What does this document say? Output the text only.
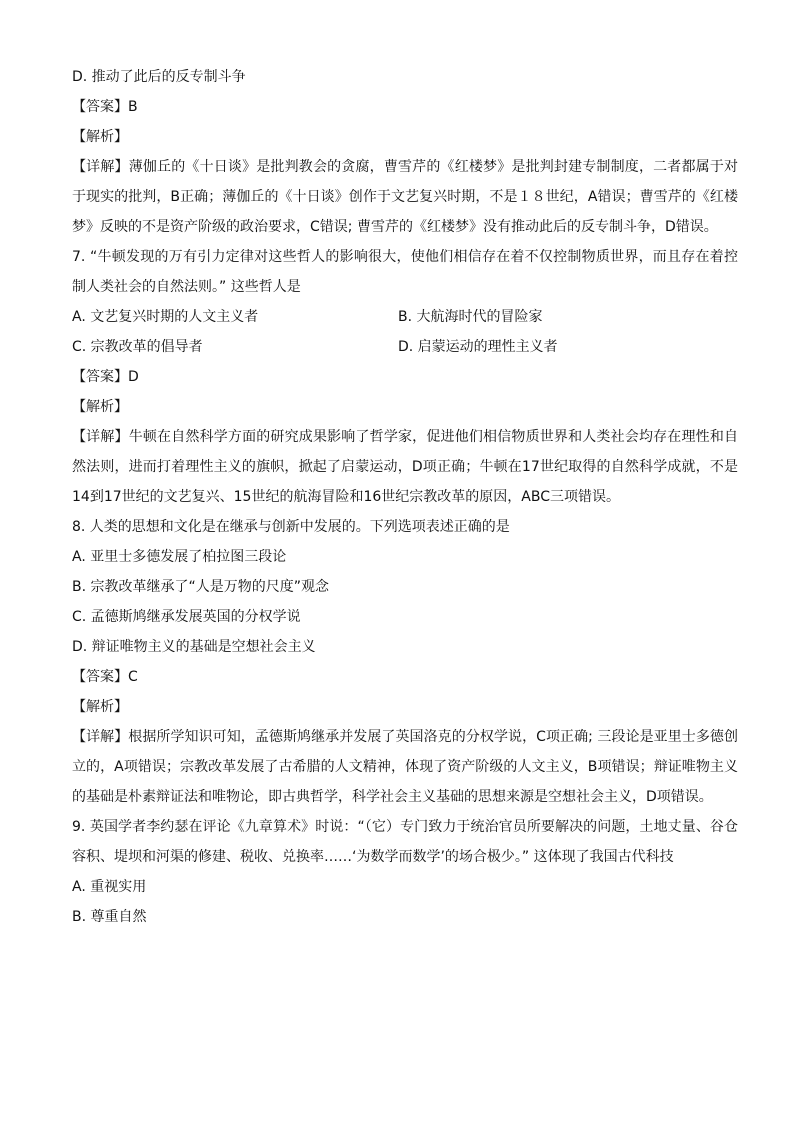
D. 推动了此后的反专制斗争

【答案】B

【解析】

【详解】薄伽丘的《十日谈》是批判教会的贪腐，曹雪芹的《红楼梦》是批判封建专制制度，二者都属于对于现实的批判，B正确；薄伽丘的《十日谈》创作于文艺复兴时期，不是１８世纪，A错误；曹雪芹的《红楼梦》反映的不是资产阶级的政治要求，C错误; 曹雪芹的《红楼梦》没有推动此后的反专制斗争，D错误。

7. “牛顿发现的万有引力定律对这些哲人的影响很大，使他们相信存在着不仅控制物质世界，而且存在着控制人类社会的自然法则。” 这些哲人是

A. 文艺复兴时期的人文主义者	B. 大航海时代的冒险家
C. 宗教改革的倡导者	D. 启蒙运动的理性主义者

【答案】D

【解析】

【详解】牛顿在自然科学方面的研究成果影响了哲学家，促进他们相信物质世界和人类社会均存在理性和自然法则，进而打着理性主义的旗帜，掀起了启蒙运动，D项正确；牛顿在17世纪取得的自然科学成就，不是14到17世纪的文艺复兴、15世纪的航海冒险和16世纪宗教改革的原因，ABC三项错误。

8. 人类的思想和文化是在继承与创新中发展的。下列选项表述正确的是

A. 亚里士多德发展了柏拉图三段论

B. 宗教改革继承了“人是万物的尺度”观念

C. 孟德斯鸠继承发展英国的分权学说

D. 辩证唯物主义的基础是空想社会主义

【答案】C

【解析】

【详解】根据所学知识可知，孟德斯鸠继承并发展了英国洛克的分权学说，C项正确; 三段论是亚里士多德创立的，A项错误；宗教改革发展了古希腊的人文精神，体现了资产阶级的人文主义，B项错误；辩证唯物主义的基础是朴素辩证法和唯物论，即古典哲学，科学社会主义基础的思想来源是空想社会主义，D项错误。

9. 英国学者李约瑟在评论《九章算术》时说：“（它）专门致力于统治官员所要解决的问题，土地丈量、谷仓容积、堤坝和河渠的修建、税收、兑换率……‘为数学而数学’的场合极少。” 这体现了我国古代科技

A. 重视实用

B. 尊重自然
